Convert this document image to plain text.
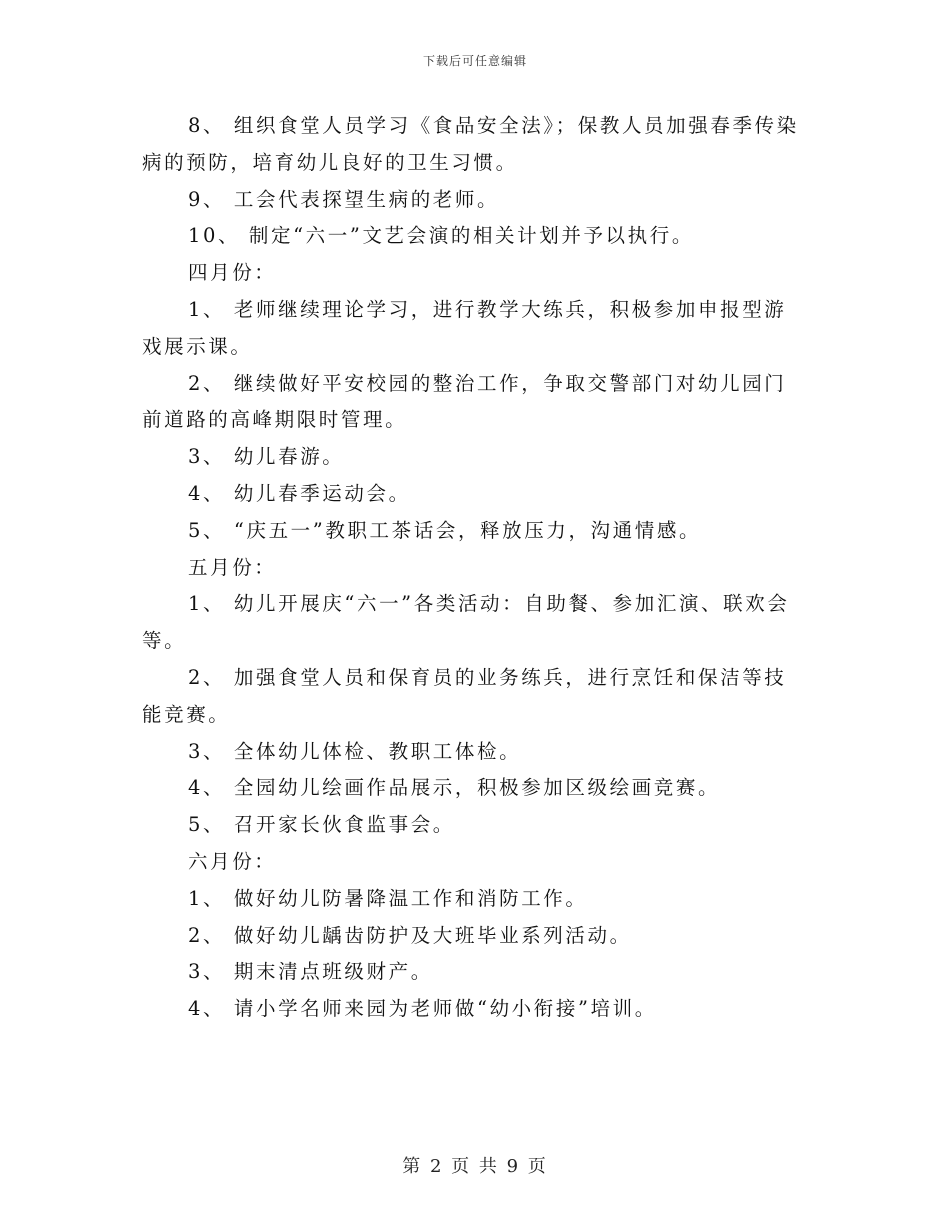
下载后可任意编辑

8、 组织食堂人员学习《食品安全法》；保教人员加强春季传染病的预防，培育幼儿良好的卫生习惯。

9、 工会代表探望生病的老师。

10、 制定“六一”文艺会演的相关计划并予以执行。

四月份：

1、 老师继续理论学习，进行教学大练兵，积极参加申报型游戏展示课。

2、 继续做好平安校园的整治工作，争取交警部门对幼儿园门前道路的高峰期限时管理。

3、 幼儿春游。

4、 幼儿春季运动会。

5、 “庆五一”教职工茶话会，释放压力，沟通情感。

五月份：

1、 幼儿开展庆“六一”各类活动：自助餐、参加汇演、联欢会等。

2、 加强食堂人员和保育员的业务练兵，进行烹饪和保洁等技能竞赛。

3、 全体幼儿体检、教职工体检。

4、 全园幼儿绘画作品展示，积极参加区级绘画竞赛。

5、 召开家长伙食监事会。

六月份：

1、 做好幼儿防暑降温工作和消防工作。

2、 做好幼儿龋齿防护及大班毕业系列活动。

3、 期末清点班级财产。

4、 请小学名师来园为老师做“幼小衔接”培训。

第 2 页 共 9 页
